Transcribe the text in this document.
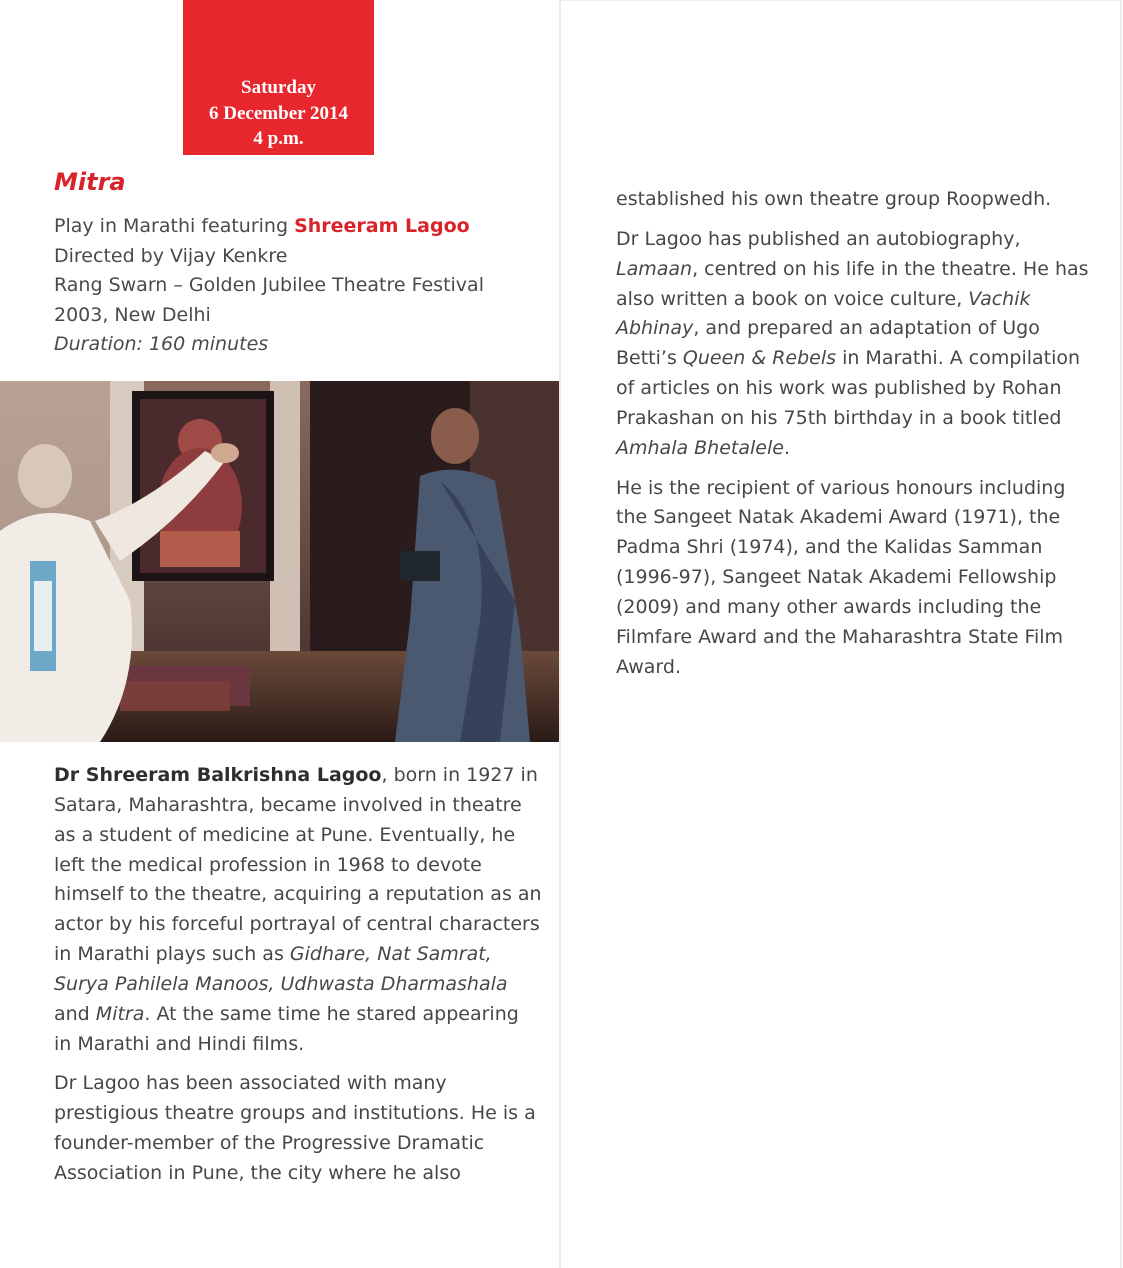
Saturday
6 December 2014
4 p.m.
Mitra
Play in Marathi featuring Shreeram Lagoo
Directed by Vijay Kenkre
Rang Swarn – Golden Jubilee Theatre Festival
2003, New Delhi
Duration: 160 minutes

Dr Shreeram Balkrishna Lagoo, born in 1927 in
Satara, Maharashtra, became involved in theatre
as a student of medicine at Pune. Eventually, he
left the medical profession in 1968 to devote
himself to the theatre, acquiring a reputation as an
actor by his forceful portrayal of central characters
in Marathi plays such as Gidhare, Nat Samrat,
Surya Pahilela Manoos, Udhwasta Dharmashala
and Mitra. At the same time he stared appearing
in Marathi and Hindi films.

Dr Lagoo has been associated with many
prestigious theatre groups and institutions. He is a
founder-member of the Progressive Dramatic
Association in Pune, the city where he also

established his own theatre group Roopwedh.

Dr Lagoo has published an autobiography,
Lamaan, centred on his life in the theatre. He has
also written a book on voice culture, Vachik
Abhinay, and prepared an adaptation of Ugo
Betti’s Queen & Rebels in Marathi. A compilation
of articles on his work was published by Rohan
Prakashan on his 75th birthday in a book titled
Amhala Bhetalele.

He is the recipient of various honours including
the Sangeet Natak Akademi Award (1971), the
Padma Shri (1974), and the Kalidas Samman
(1996-97), Sangeet Natak Akademi Fellowship
(2009) and many other awards including the
Filmfare Award and the Maharashtra State Film
Award.
